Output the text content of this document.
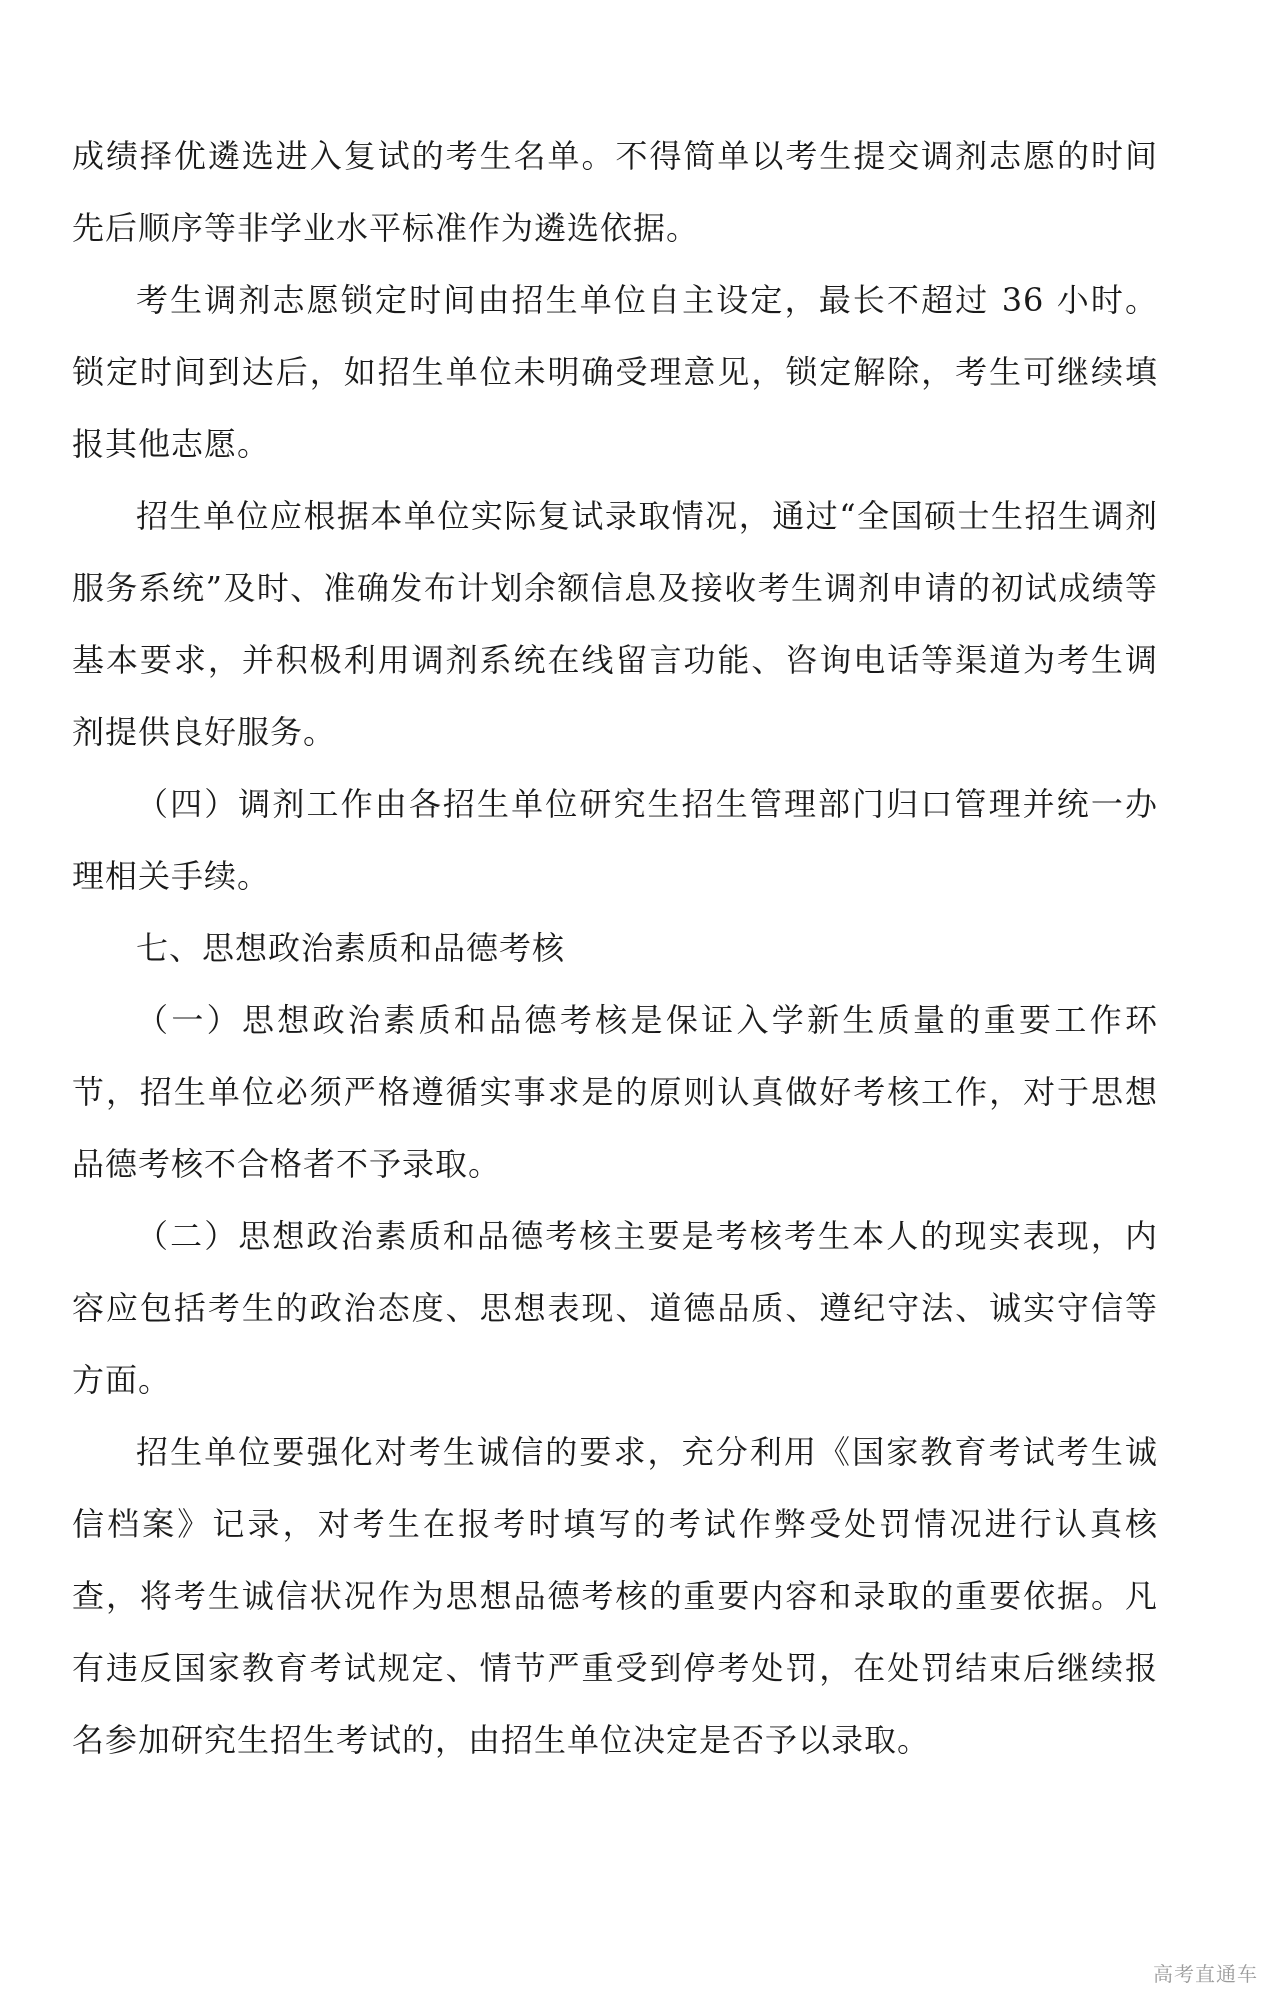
成绩择优遴选进入复试的考生名单。不得简单以考生提交调剂志愿的时间先后顺序等非学业水平标准作为遴选依据。

考生调剂志愿锁定时间由招生单位自主设定，最长不超过 36 小时。锁定时间到达后，如招生单位未明确受理意见，锁定解除，考生可继续填报其他志愿。

招生单位应根据本单位实际复试录取情况，通过“全国硕士生招生调剂服务系统”及时、准确发布计划余额信息及接收考生调剂申请的初试成绩等基本要求，并积极利用调剂系统在线留言功能、咨询电话等渠道为考生调剂提供良好服务。

（四）调剂工作由各招生单位研究生招生管理部门归口管理并统一办理相关手续。

七、思想政治素质和品德考核

（一）思想政治素质和品德考核是保证入学新生质量的重要工作环节，招生单位必须严格遵循实事求是的原则认真做好考核工作，对于思想品德考核不合格者不予录取。

（二）思想政治素质和品德考核主要是考核考生本人的现实表现，内容应包括考生的政治态度、思想表现、道德品质、遵纪守法、诚实守信等方面。

招生单位要强化对考生诚信的要求，充分利用《国家教育考试考生诚信档案》记录，对考生在报考时填写的考试作弊受处罚情况进行认真核查，将考生诚信状况作为思想品德考核的重要内容和录取的重要依据。凡有违反国家教育考试规定、情节严重受到停考处罚，在处罚结束后继续报名参加研究生招生考试的，由招生单位决定是否予以录取。

高考直通车
